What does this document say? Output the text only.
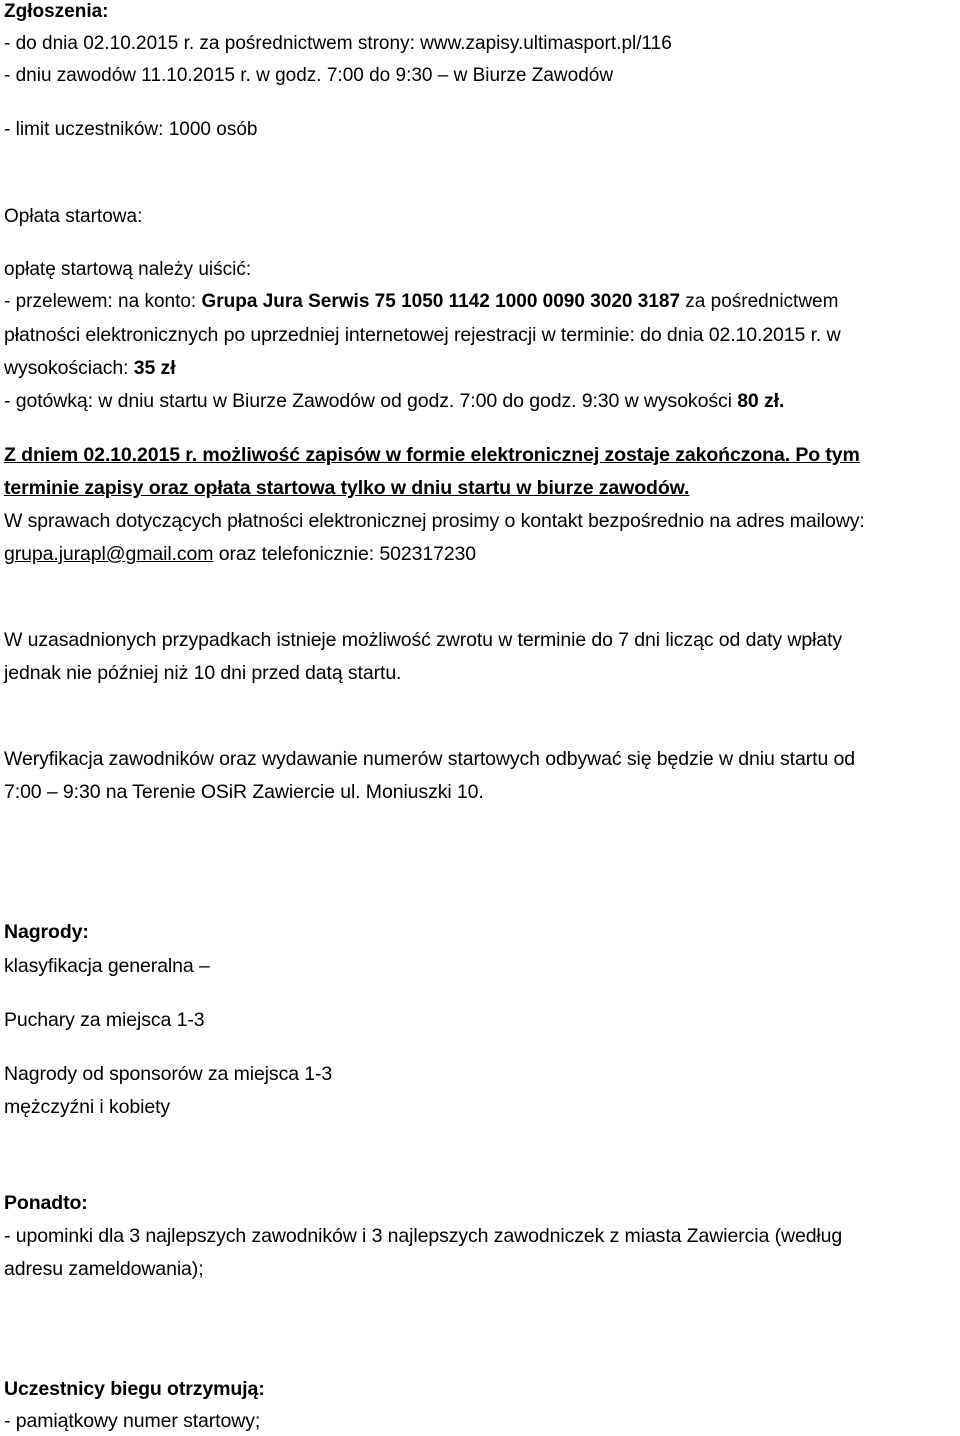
Zgłoszenia:
- do dnia 02.10.2015 r. za pośrednictwem strony: www.zapisy.ultimasport.pl/116
- dniu zawodów 11.10.2015 r. w godz. 7:00 do 9:30 – w Biurze Zawodów
- limit uczestników: 1000 osób
Opłata startowa:
opłatę startową należy uiścić:
- przelewem: na konto: Grupa Jura Serwis 75 1050 1142 1000 0090 3020 3187 za pośrednictwem
płatności elektronicznych po uprzedniej internetowej rejestracji w terminie: do dnia 02.10.2015 r. w
wysokościach: 35 zł
- gotówką: w dniu startu w Biurze Zawodów od godz. 7:00 do godz. 9:30 w wysokości 80 zł.
Z dniem 02.10.2015 r. możliwość zapisów w formie elektronicznej zostaje zakończona. Po tym
terminie zapisy oraz opłata startowa tylko w dniu startu w biurze zawodów.
W sprawach dotyczących płatności elektronicznej prosimy o kontakt bezpośrednio na adres mailowy:
grupa.jurapl@gmail.com oraz telefonicznie: 502317230
W uzasadnionych przypadkach istnieje możliwość zwrotu w terminie do 7 dni licząc od daty wpłaty
jednak nie później niż 10 dni przed datą startu.
Weryfikacja zawodników oraz wydawanie numerów startowych odbywać się będzie w dniu startu od
7:00 – 9:30 na Terenie OSiR Zawiercie ul. Moniuszki 10.
Nagrody:
klasyfikacja generalna –
Puchary za miejsca 1-3
Nagrody od sponsorów za miejsca 1-3
mężczyźni i kobiety
Ponadto:
- upominki dla 3 najlepszych zawodników i 3 najlepszych zawodniczek z miasta Zawiercia (według
adresu zameldowania);
Uczestnicy biegu otrzymują:
- pamiątkowy numer startowy;
